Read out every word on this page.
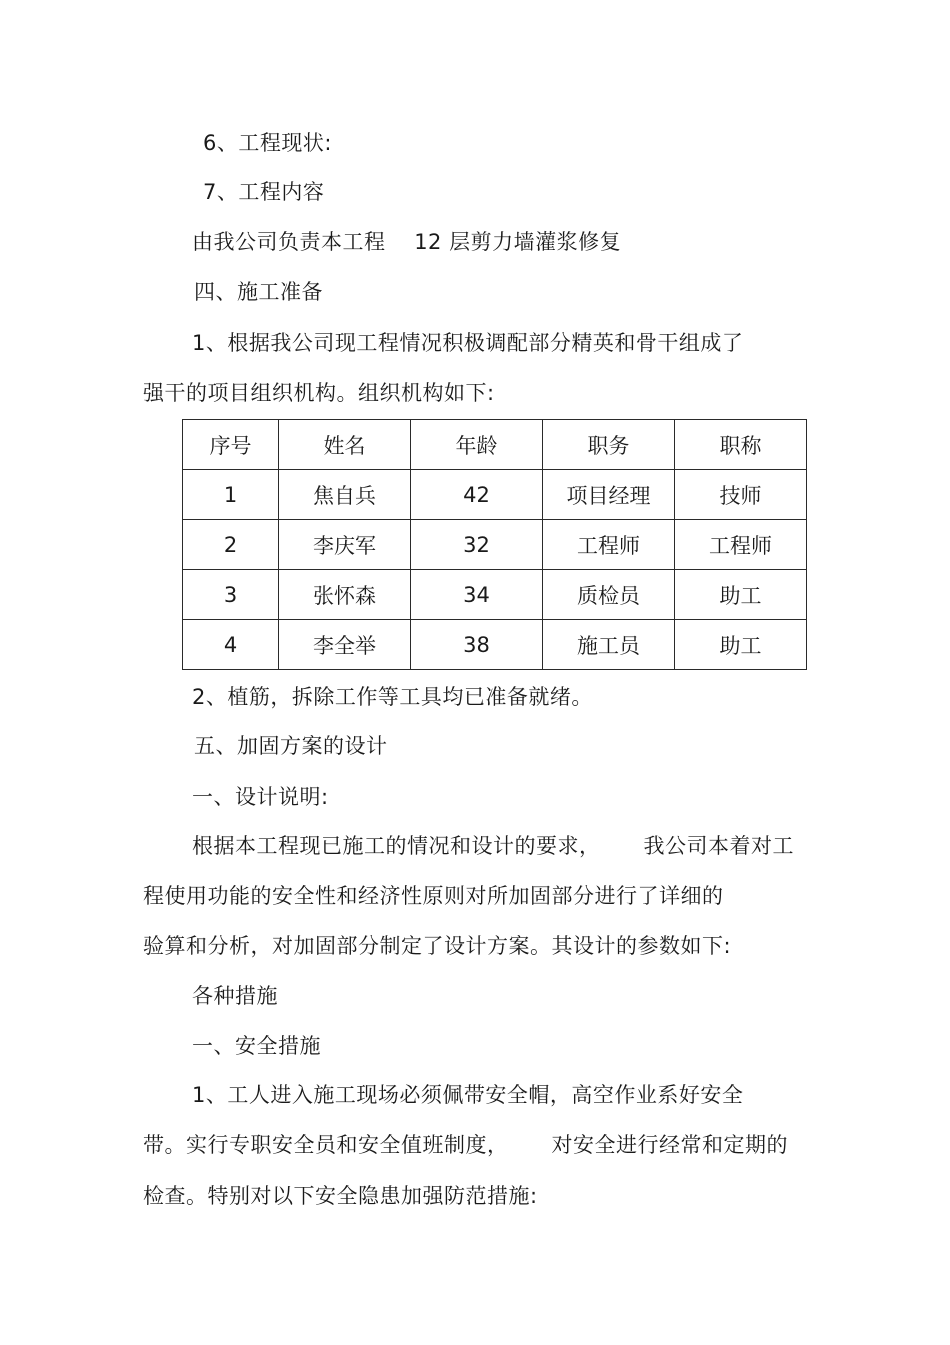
6、工程现状:

7、工程内容

由我公司负责本工程    12 层剪力墙灌浆修复

四、施工准备

1、根据我公司现工程情况积极调配部分精英和骨干组成了

强干的项目组织机构。组织机构如下:

序号	姓名	年龄	职务	职称
1	焦自兵	42	项目经理	技师
2	李庆军	32	工程师	工程师
3	张怀森	34	质检员	助工
4	李全举	38	施工员	助工

2、植筋，拆除工作等工具均已准备就绪。

五、加固方案的设计

一、设计说明:

根据本工程现已施工的情况和设计的要求，      我公司本着对工

程使用功能的安全性和经济性原则对所加固部分进行了详细的

验算和分析，对加固部分制定了设计方案。其设计的参数如下:

各种措施

一、安全措施

1、工人进入施工现场必须佩带安全帽，高空作业系好安全

带。实行专职安全员和安全值班制度，      对安全进行经常和定期的

检查。特别对以下安全隐患加强防范措施:
